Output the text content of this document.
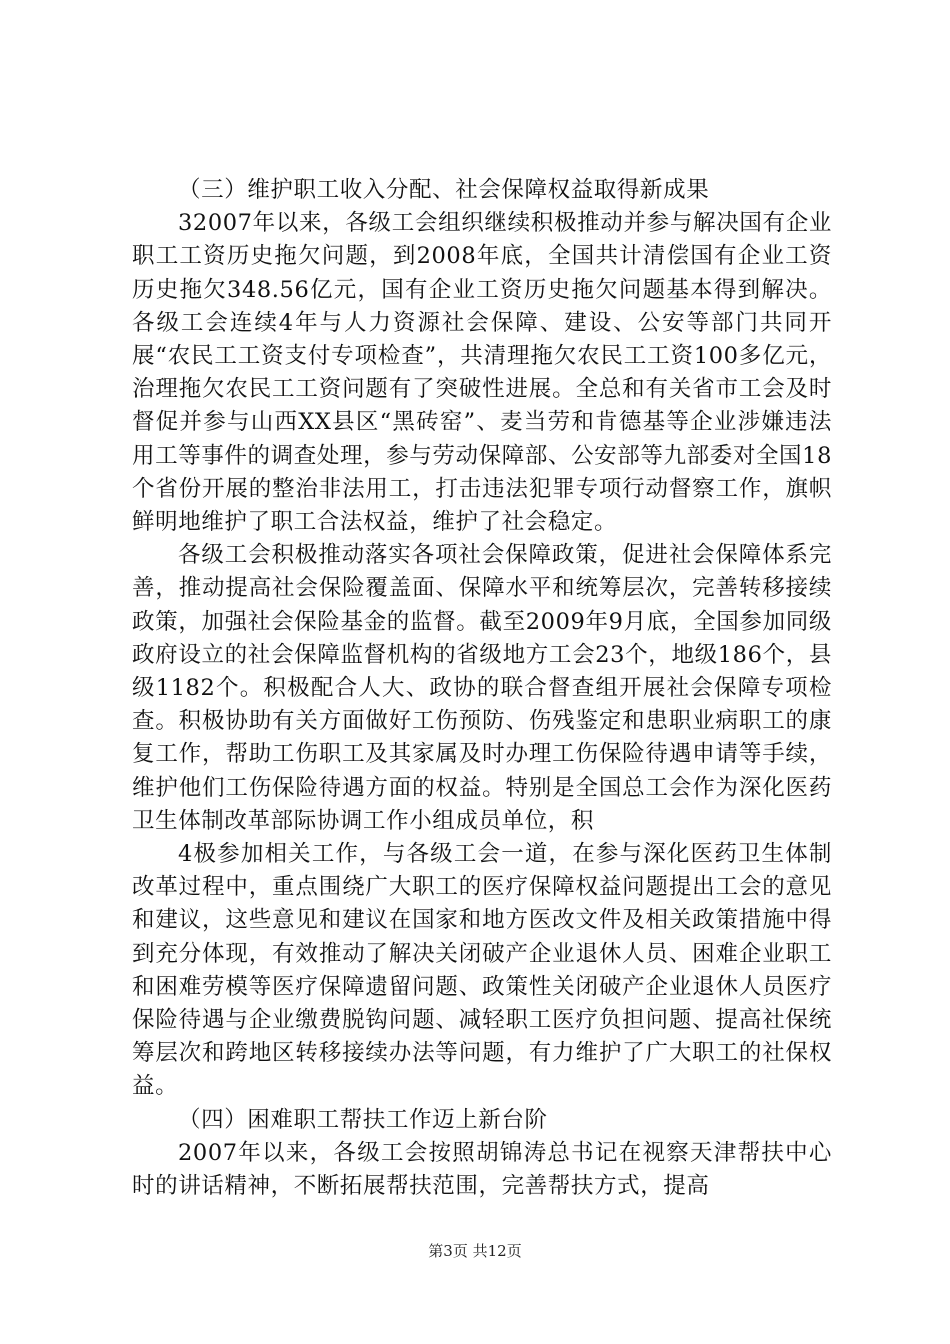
（三）维护职工收入分配、社会保障权益取得新成果

32007年以来，各级工会组织继续积极推动并参与解决国有企业职工工资历史拖欠问题，到2008年底，全国共计清偿国有企业工资历史拖欠348.56亿元，国有企业工资历史拖欠问题基本得到解决。各级工会连续4年与人力资源社会保障、建设、公安等部门共同开展“农民工工资支付专项检查”，共清理拖欠农民工工资100多亿元，治理拖欠农民工工资问题有了突破性进展。全总和有关省市工会及时督促并参与山西XX县区“黑砖窑”、麦当劳和肯德基等企业涉嫌违法用工等事件的调查处理，参与劳动保障部、公安部等九部委对全国18个省份开展的整治非法用工，打击违法犯罪专项行动督察工作，旗帜鲜明地维护了职工合法权益，维护了社会稳定。

各级工会积极推动落实各项社会保障政策，促进社会保障体系完善，推动提高社会保险覆盖面、保障水平和统筹层次，完善转移接续政策，加强社会保险基金的监督。截至2009年9月底，全国参加同级政府设立的社会保障监督机构的省级地方工会23个，地级186个，县级1182个。积极配合人大、政协的联合督查组开展社会保障专项检查。积极协助有关方面做好工伤预防、伤残鉴定和患职业病职工的康复工作，帮助工伤职工及其家属及时办理工伤保险待遇申请等手续，维护他们工伤保险待遇方面的权益。特别是全国总工会作为深化医药卫生体制改革部际协调工作小组成员单位，积

4极参加相关工作，与各级工会一道，在参与深化医药卫生体制改革过程中，重点围绕广大职工的医疗保障权益问题提出工会的意见和建议，这些意见和建议在国家和地方医改文件及相关政策措施中得到充分体现，有效推动了解决关闭破产企业退休人员、困难企业职工和困难劳模等医疗保障遗留问题、政策性关闭破产企业退休人员医疗保险待遇与企业缴费脱钩问题、减轻职工医疗负担问题、提高社保统筹层次和跨地区转移接续办法等问题，有力维护了广大职工的社保权益。

（四）困难职工帮扶工作迈上新台阶

2007年以来，各级工会按照胡锦涛总书记在视察天津帮扶中心时的讲话精神，不断拓展帮扶范围，完善帮扶方式，提高

第3页 共12页
